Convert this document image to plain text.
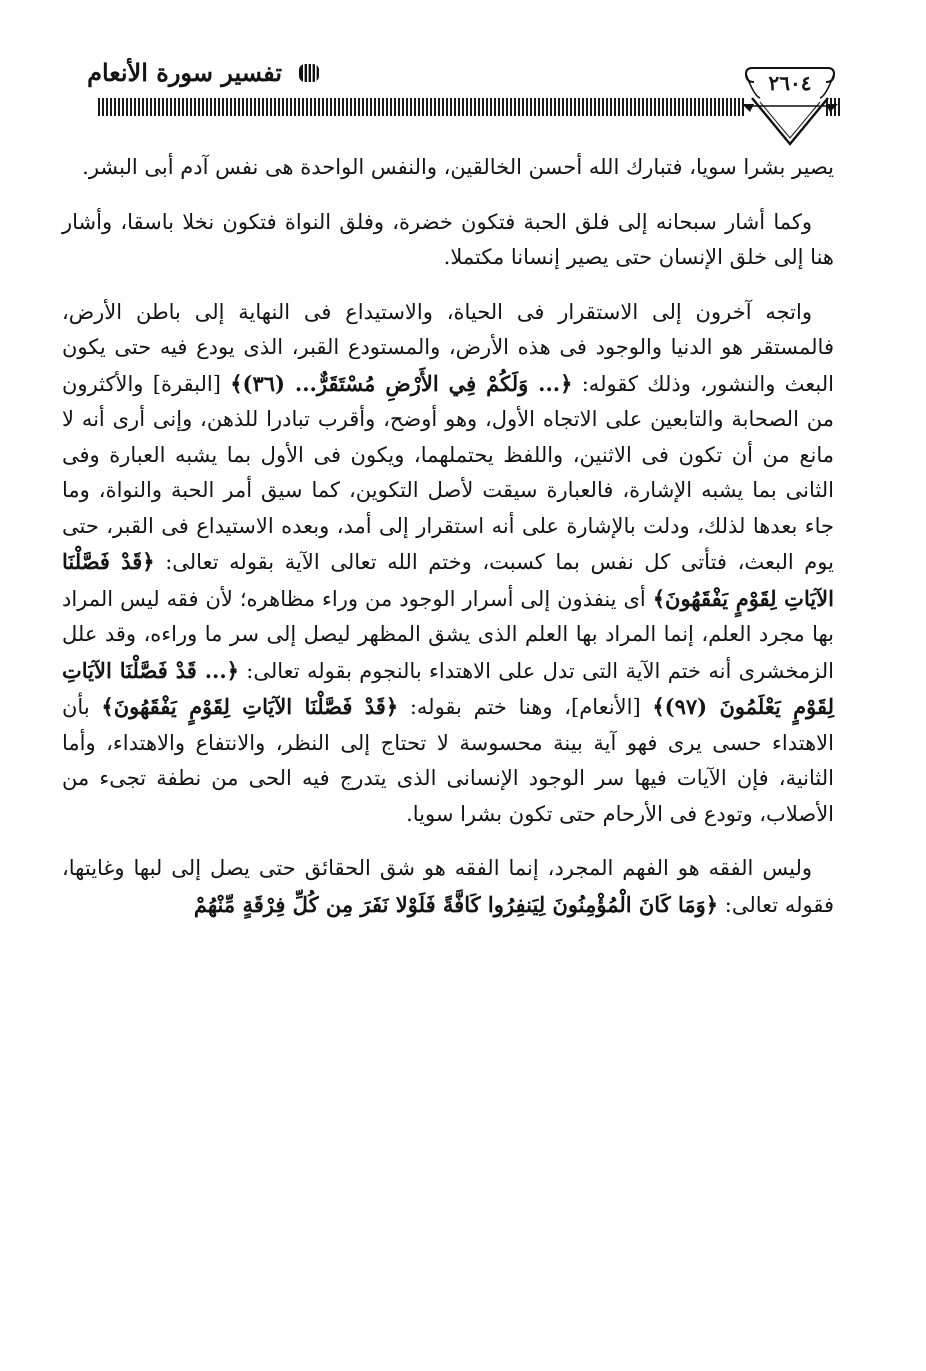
تفسير سورة الأنعام	٢٦٠٤

يصير بشرا سويا، فتبارك الله أحسن الخالقين، والنفس الواحدة هى نفس آدم أبى البشر.

وكما أشار سبحانه إلى فلق الحبة فتكون خضرة، وفلق النواة فتكون نخلا باسقا، وأشار هنا إلى خلق الإنسان حتى يصير إنسانا مكتملا.

واتجه آخرون إلى الاستقرار فى الحياة، والاستيداع فى النهاية إلى باطن الأرض، فالمستقر هو الدنيا والوجود فى هذه الأرض، والمستودع القبر، الذى يودع فيه حتى يكون البعث والنشور، وذلك كقوله: ﴿... وَلَكُمْ فِي الأَرْضِ مُسْتَقَرٌّ... (٣٦)﴾ [البقرة] والأكثرون من الصحابة والتابعين على الاتجاه الأول، وهو أوضح، وأقرب تبادرا للذهن، وإنى أرى أنه لا مانع من أن تكون فى الاثنين، واللفظ يحتملهما، ويكون فى الأول بما يشبه العبارة وفى الثانى بما يشبه الإشارة، فالعبارة سيقت لأصل التكوين، كما سيق أمر الحبة والنواة، وما جاء بعدها لذلك، ودلت بالإشارة على أنه استقرار إلى أمد، وبعده الاستيداع فى القبر، حتى يوم البعث، فتأتى كل نفس بما كسبت، وختم الله تعالى الآية بقوله تعالى: ﴿قَدْ فَصَّلْنَا الآيَاتِ لِقَوْمٍ يَفْقَهُونَ﴾ أى ينفذون إلى أسرار الوجود من وراء مظاهره؛ لأن فقه ليس المراد بها مجرد العلم، إنما المراد بها العلم الذى يشق المظهر ليصل إلى سر ما وراءه، وقد علل الزمخشرى أنه ختم الآية التى تدل على الاهتداء بالنجوم بقوله تعالى: ﴿... قَدْ فَصَّلْنَا الآيَاتِ لِقَوْمٍ يَعْلَمُونَ (٩٧)﴾ [الأنعام]، وهنا ختم بقوله: ﴿قَدْ فَصَّلْنَا الآيَاتِ لِقَوْمٍ يَفْقَهُونَ﴾ بأن الاهتداء حسى يرى فهو آية بينة محسوسة لا تحتاج إلى النظر، والانتفاع والاهتداء، وأما الثانية، فإن الآيات فيها سر الوجود الإنسانى الذى يتدرج فيه الحى من نطفة تجىء من الأصلاب، وتودع فى الأرحام حتى تكون بشرا سويا.

وليس الفقه هو الفهم المجرد، إنما الفقه هو شق الحقائق حتى يصل إلى لبها وغايتها، فقوله تعالى: ﴿وَمَا كَانَ الْمُؤْمِنُونَ لِيَنفِرُوا كَافَّةً فَلَوْلا نَفَرَ مِن كُلِّ فِرْقَةٍ مِّنْهُمْ
